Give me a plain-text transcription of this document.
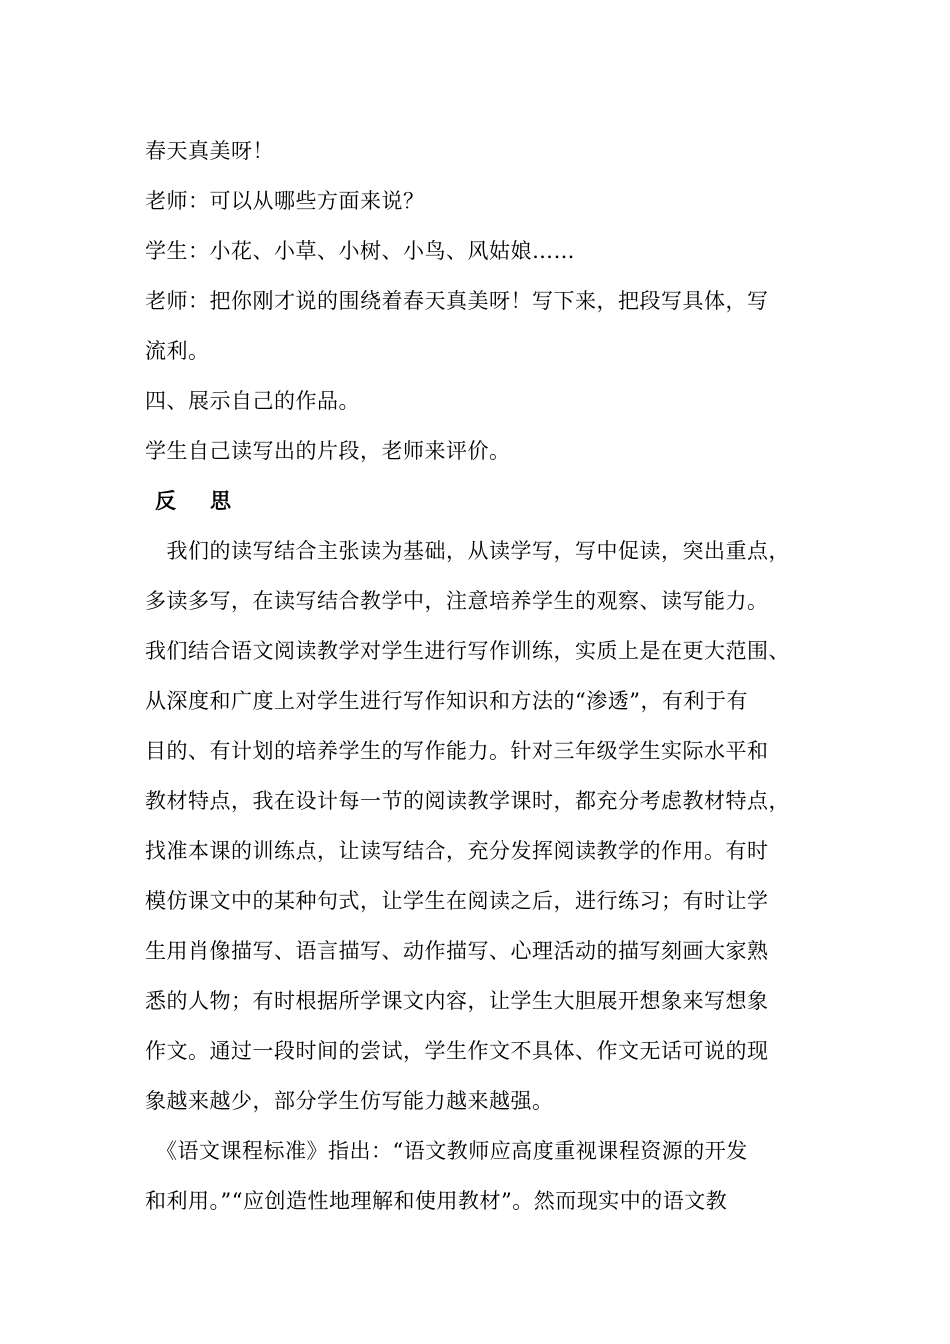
春天真美呀！
老师：可以从哪些方面来说？
学生：小花、小草、小树、小鸟、风姑娘……
老师：把你刚才说的围绕着春天真美呀！写下来，把段写具体，写
流利。
四、展示自己的作品。
学生自己读写出的片段，老师来评价。
反 思
　我们的读写结合主张读为基础，从读学写，写中促读，突出重点，
多读多写，在读写结合教学中，注意培养学生的观察、读写能力。
我们结合语文阅读教学对学生进行写作训练，实质上是在更大范围、
从深度和广度上对学生进行写作知识和方法的“渗透”，有利于有
目的、有计划的培养学生的写作能力。针对三年级学生实际水平和
教材特点，我在设计每一节的阅读教学课时，都充分考虑教材特点，
找准本课的训练点，让读写结合，充分发挥阅读教学的作用。有时
模仿课文中的某种句式，让学生在阅读之后，进行练习；有时让学
生用肖像描写、语言描写、动作描写、心理活动的描写刻画大家熟
悉的人物；有时根据所学课文内容，让学生大胆展开想象来写想象
作文。通过一段时间的尝试，学生作文不具体、作文无话可说的现
象越来越少，部分学生仿写能力越来越强。
　《语文课程标准》指出：“语文教师应高度重视课程资源的开发
和利用。”“应创造性地理解和使用教材”。然而现实中的语文教
